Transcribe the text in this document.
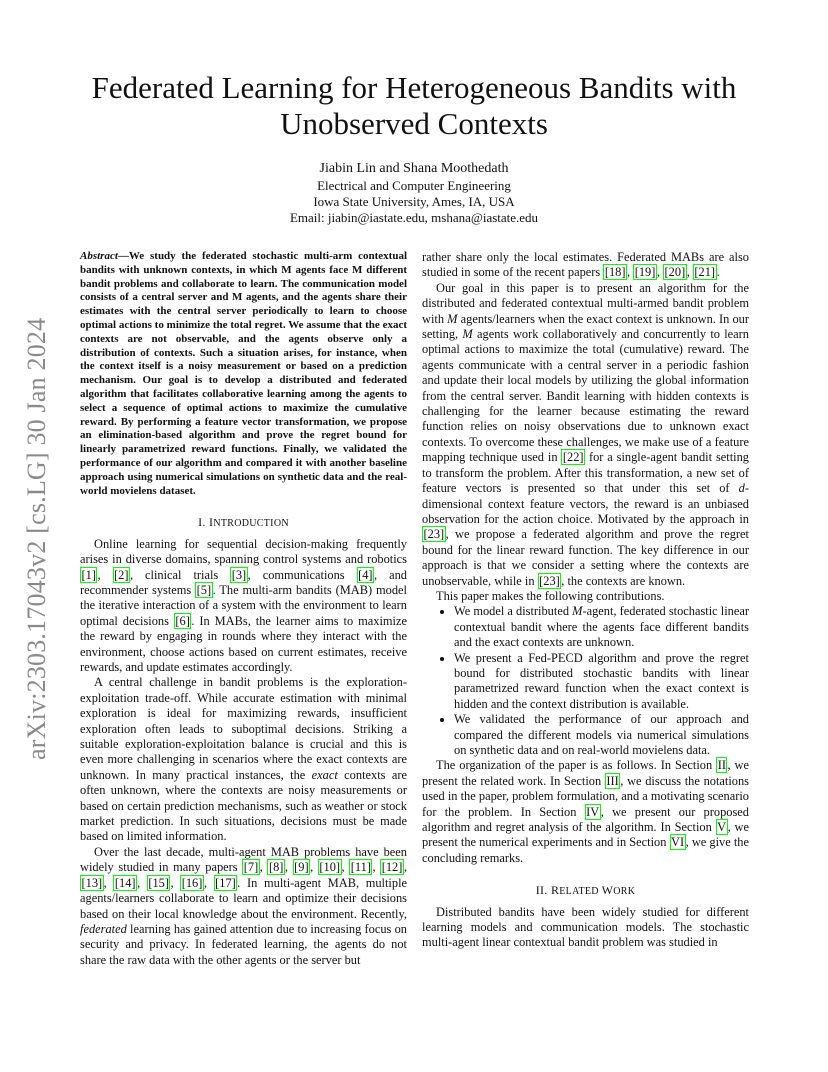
arXiv:2303.17043v2 [cs.LG] 30 Jan 2024
Federated Learning for Heterogeneous Bandits with Unobserved Contexts
Jiabin Lin and Shana Moothedath
Electrical and Computer Engineering
Iowa State University, Ames, IA, USA
Email: jiabin@iastate.edu, mshana@iastate.edu

Abstract—We study the federated stochastic multi-arm contextual bandits with unknown contexts, in which M agents face M different bandit problems and collaborate to learn. The communication model consists of a central server and M agents, and the agents share their estimates with the central server periodically to learn to choose optimal actions to minimize the total regret. We assume that the exact contexts are not observable, and the agents observe only a distribution of contexts. Such a situation arises, for instance, when the context itself is a noisy measurement or based on a prediction mechanism. Our goal is to develop a distributed and federated algorithm that facilitates collaborative learning among the agents to select a sequence of optimal actions to maximize the cumulative reward. By performing a feature vector transformation, we propose an elimination-based algorithm and prove the regret bound for linearly parametrized reward functions. Finally, we validated the performance of our algorithm and compared it with another baseline approach using numerical simulations on synthetic data and the real-world movielens dataset.

I. INTRODUCTION

Online learning for sequential decision-making frequently arises in diverse domains, spanning control systems and robotics [1] , [2] , clinical trials [3] , communications [4] , and recommender systems [5] . The multi-arm bandits (MAB) model the iterative interaction of a system with the environment to learn optimal decisions [6] . In MABs, the learner aims to maximize the reward by engaging in rounds where they interact with the environment, choose actions based on current estimates, receive rewards, and update estimates accordingly.

A central challenge in bandit problems is the exploration-exploitation trade-off. While accurate estimation with minimal exploration is ideal for maximizing rewards, insufficient exploration often leads to suboptimal decisions. Striking a suitable exploration-exploitation balance is crucial and this is even more challenging in scenarios where the exact contexts are unknown. In many practical instances, the exact contexts are often unknown, where the contexts are noisy measurements or based on certain prediction mechanisms, such as weather or stock market prediction. In such situations, decisions must be made based on limited information.

Over the last decade, multi-agent MAB problems have been widely studied in many papers [7] , [8] , [9] , [10] , [11] , [12] , [13] , [14] , [15] , [16] , [17] . In multi-agent MAB, multiple agents/learners collaborate to learn and optimize their decisions based on their local knowledge about the environment. Recently, federated learning has gained attention due to increasing focus on security and privacy. In federated learning, the agents do not share the raw data with the other agents or the server but

rather share only the local estimates. Federated MABs are also studied in some of the recent papers [18] , [19] , [20] , [21] .

Our goal in this paper is to present an algorithm for the distributed and federated contextual multi-armed bandit problem with M agents/learners when the exact context is unknown. In our setting, M agents work collaboratively and concurrently to learn optimal actions to maximize the total (cumulative) reward. The agents communicate with a central server in a periodic fashion and update their local models by utilizing the global information from the central server. Bandit learning with hidden contexts is challenging for the learner because estimating the reward function relies on noisy observations due to unknown exact contexts. To overcome these challenges, we make use of a feature mapping technique used in [22] for a single-agent bandit setting to transform the problem. After this transformation, a new set of feature vectors is presented so that under this set of d-dimensional context feature vectors, the reward is an unbiased observation for the action choice. Motivated by the approach in [23] , we propose a federated algorithm and prove the regret bound for the linear reward function. The key difference in our approach is that we consider a setting where the contexts are unobservable, while in [23] , the contexts are known.

This paper makes the following contributions.

• We model a distributed M-agent, federated stochastic linear contextual bandit where the agents face different bandits and the exact contexts are unknown.
• We present a Fed-PECD algorithm and prove the regret bound for distributed stochastic bandits with linear parametrized reward function when the exact context is hidden and the context distribution is available.
• We validated the performance of our approach and compared the different models via numerical simulations on synthetic data and on real-world movielens data.

The organization of the paper is as follows. In Section II , we present the related work. In Section III , we discuss the notations used in the paper, problem formulation, and a motivating scenario for the problem. In Section IV , we present our proposed algorithm and regret analysis of the algorithm. In Section V , we present the numerical experiments and in Section VI , we give the concluding remarks.

II. RELATED WORK

Distributed bandits have been widely studied for different learning models and communication models. The stochastic multi-agent linear contextual bandit problem was studied in
